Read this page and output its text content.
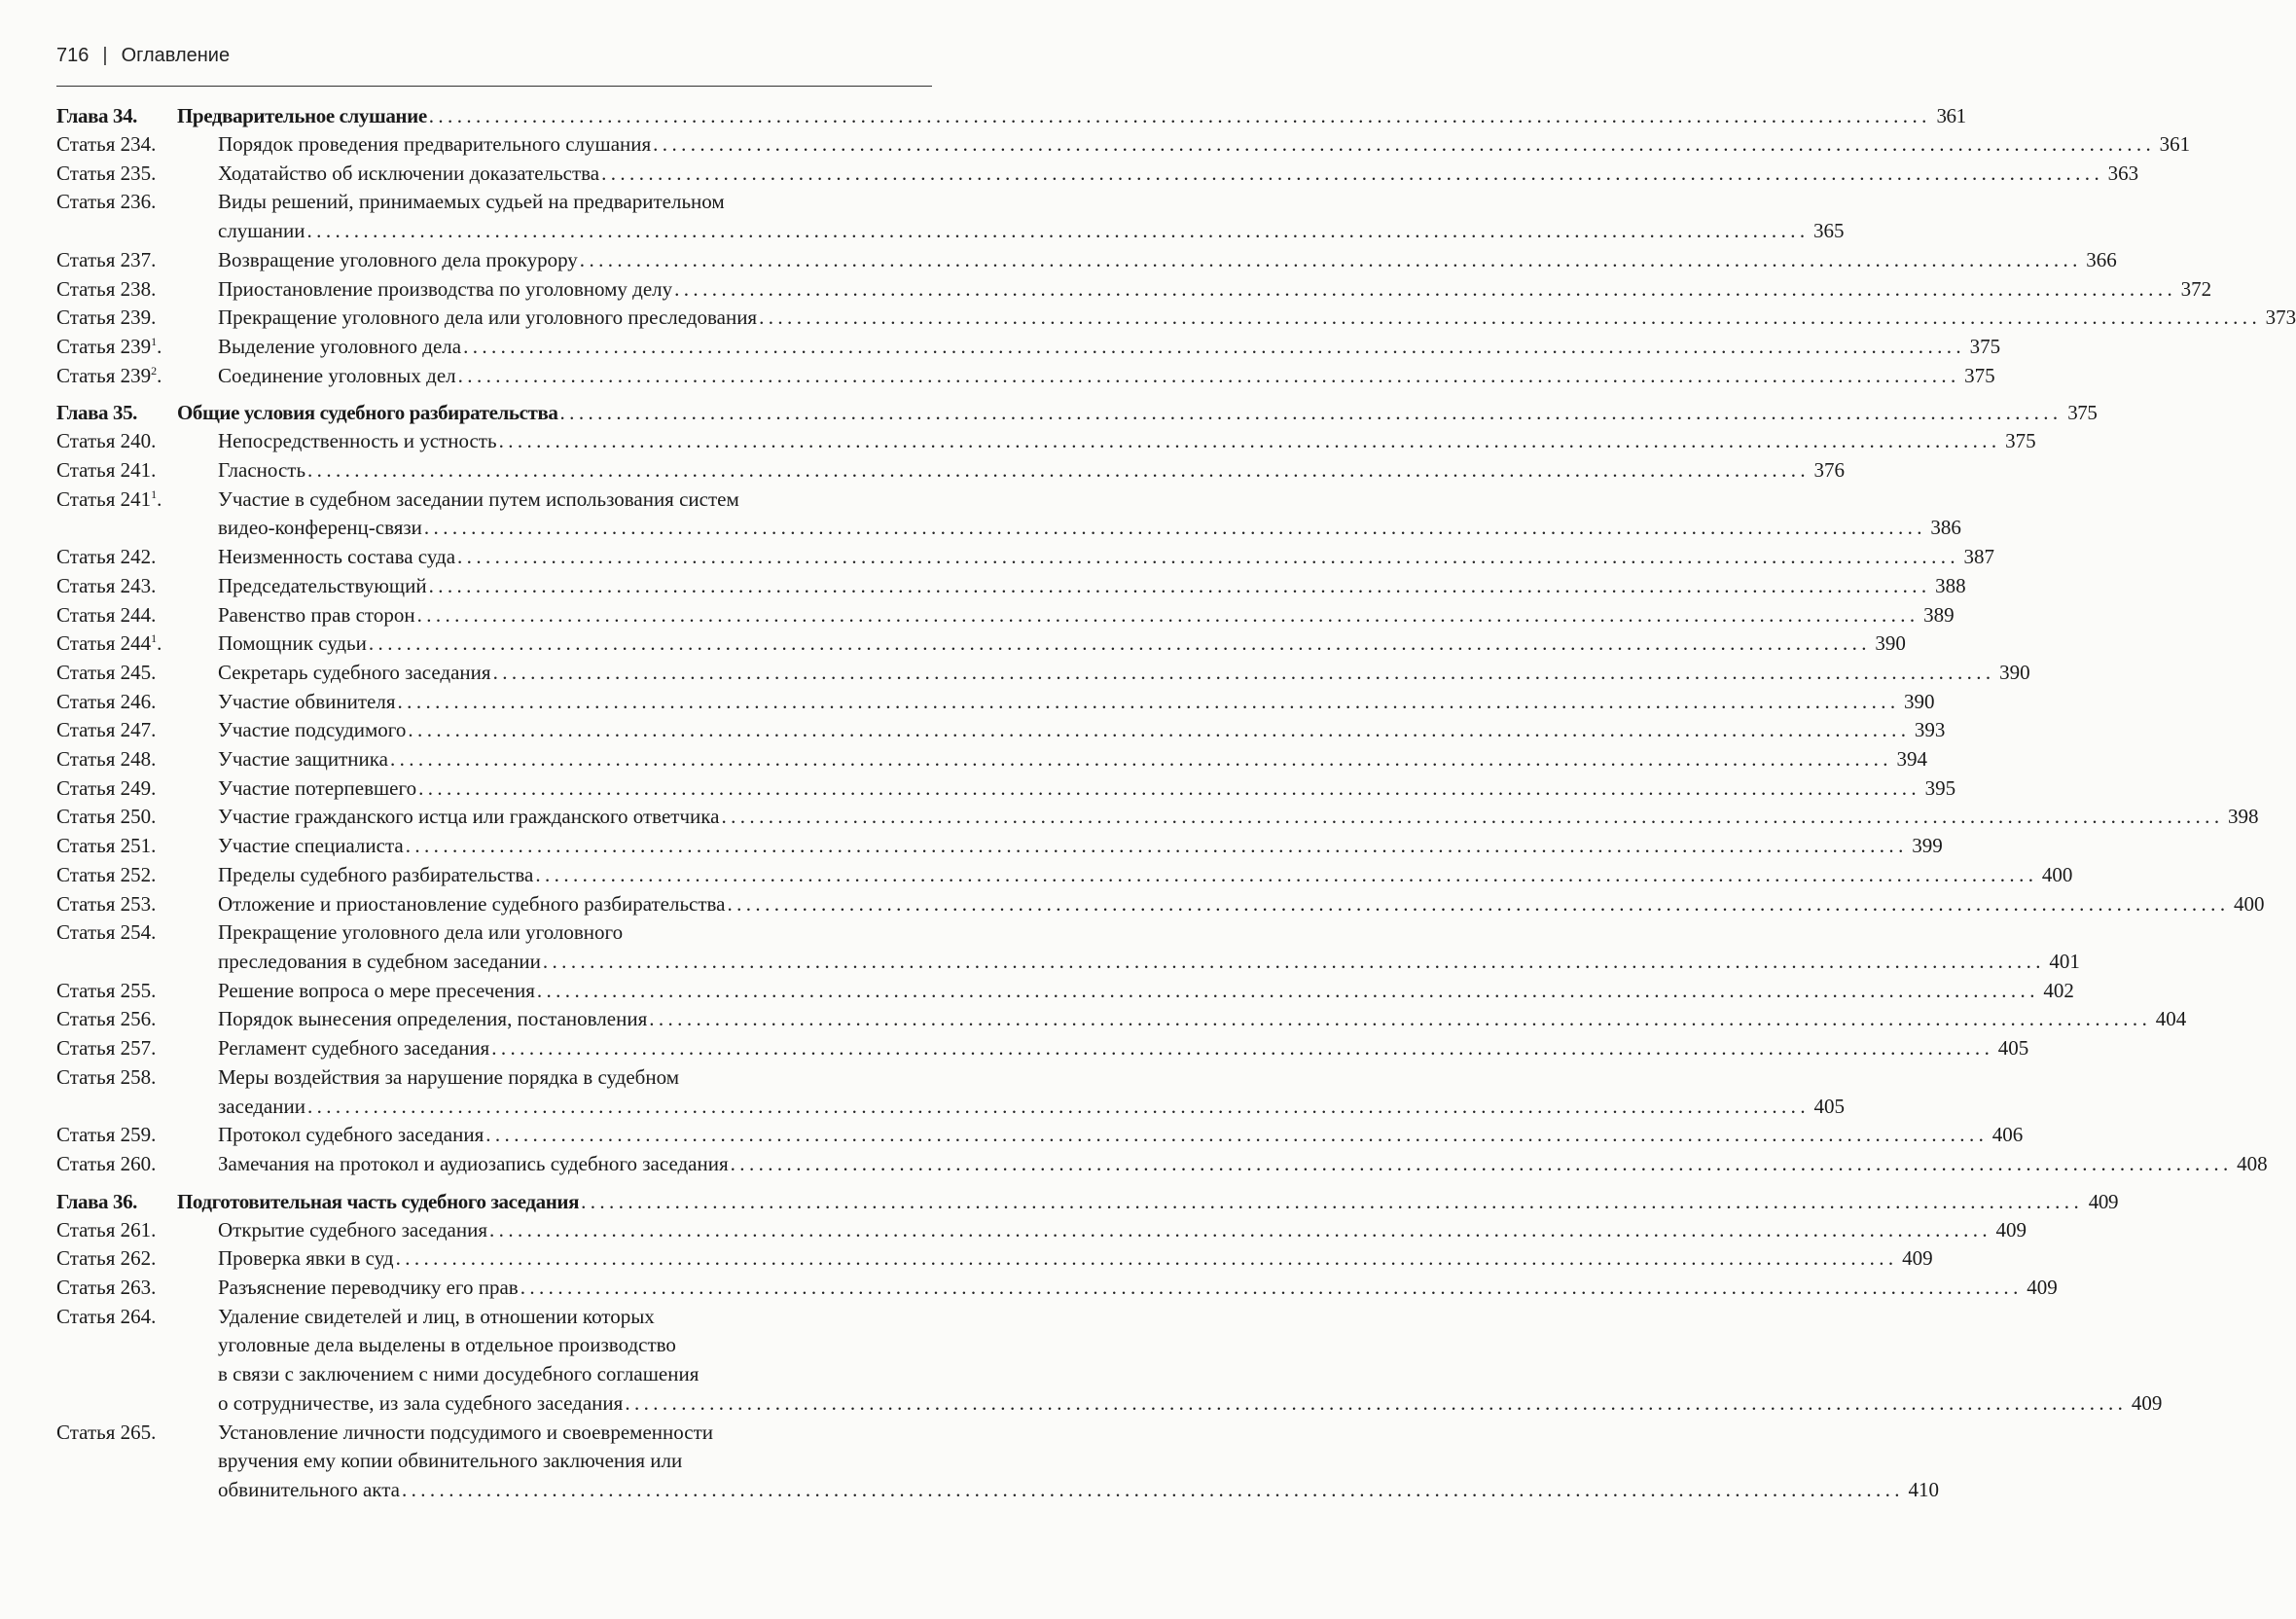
716 | Оглавление
Глава 34.	Предварительное слушание ................................................................................................................................................................ 361
Статья 234.	Порядок проведения предварительного слушания ................................................................................................................................................................ 361
Статья 235.	Ходатайство об исключении доказательства ................................................................................................................................................................ 363
Статья 236.	Виды решений, принимаемых судьей на предварительном
слушании ................................................................................................................................................................ 365
Статья 237.	Возвращение уголовного дела прокурору ................................................................................................................................................................ 366
Статья 238.	Приостановление производства по уголовному делу ................................................................................................................................................................ 372
Статья 239.	Прекращение уголовного дела или уголовного преследования ................................................................................................................................................................ 373
Статья $239^1$.	Выделение уголовного дела ................................................................................................................................................................ 375
Статья $239^2$.	Соединение уголовных дел ................................................................................................................................................................ 375
Глава 35.	Общие условия судебного разбирательства ................................................................................................................................................................ 375
Статья 240.	Непосредственность и устность ................................................................................................................................................................ 375
Статья 241.	Гласность ................................................................................................................................................................ 376
Статья $241^1$.	Участие в судебном заседании путем использования систем
видео-конференц-связи ................................................................................................................................................................ 386
Статья 242.	Неизменность состава суда ................................................................................................................................................................ 387
Статья 243.	Председательствующий ................................................................................................................................................................ 388
Статья 244.	Равенство прав сторон ................................................................................................................................................................ 389
Статья $244^1$.	Помощник судьи ................................................................................................................................................................ 390
Статья 245.	Секретарь судебного заседания ................................................................................................................................................................ 390
Статья 246.	Участие обвинителя ................................................................................................................................................................ 390
Статья 247.	Участие подсудимого ................................................................................................................................................................ 393
Статья 248.	Участие защитника ................................................................................................................................................................ 394
Статья 249.	Участие потерпевшего ................................................................................................................................................................ 395
Статья 250.	Участие гражданского истца или гражданского ответчика ................................................................................................................................................................ 398
Статья 251.	Участие специалиста ................................................................................................................................................................ 399
Статья 252.	Пределы судебного разбирательства ................................................................................................................................................................ 400
Статья 253.	Отложение и приостановление судебного разбирательства ................................................................................................................................................................ 400
Статья 254.	Прекращение уголовного дела или уголовного
преследования в судебном заседании ................................................................................................................................................................ 401
Статья 255.	Решение вопроса о мере пресечения ................................................................................................................................................................ 402
Статья 256.	Порядок вынесения определения, постановления ................................................................................................................................................................ 404
Статья 257.	Регламент судебного заседания ................................................................................................................................................................ 405
Статья 258.	Меры воздействия за нарушение порядка в судебном
заседании ................................................................................................................................................................ 405
Статья 259.	Протокол судебного заседания ................................................................................................................................................................ 406
Статья 260.	Замечания на протокол и аудиозапись судебного заседания ................................................................................................................................................................ 408
Глава 36.	Подготовительная часть судебного заседания ................................................................................................................................................................ 409
Статья 261.	Открытие судебного заседания ................................................................................................................................................................ 409
Статья 262.	Проверка явки в суд ................................................................................................................................................................ 409
Статья 263.	Разъяснение переводчику его прав ................................................................................................................................................................ 409
Статья 264.	Удаление свидетелей и лиц, в отношении которых
уголовные дела выделены в отдельное производство
в связи с заключением с ними досудебного соглашения
о сотрудничестве, из зала судебного заседания ................................................................................................................................................................ 409
Статья 265.	Установление личности подсудимого и своевременности
вручения ему копии обвинительного заключения или
обвинительного акта ................................................................................................................................................................ 410
